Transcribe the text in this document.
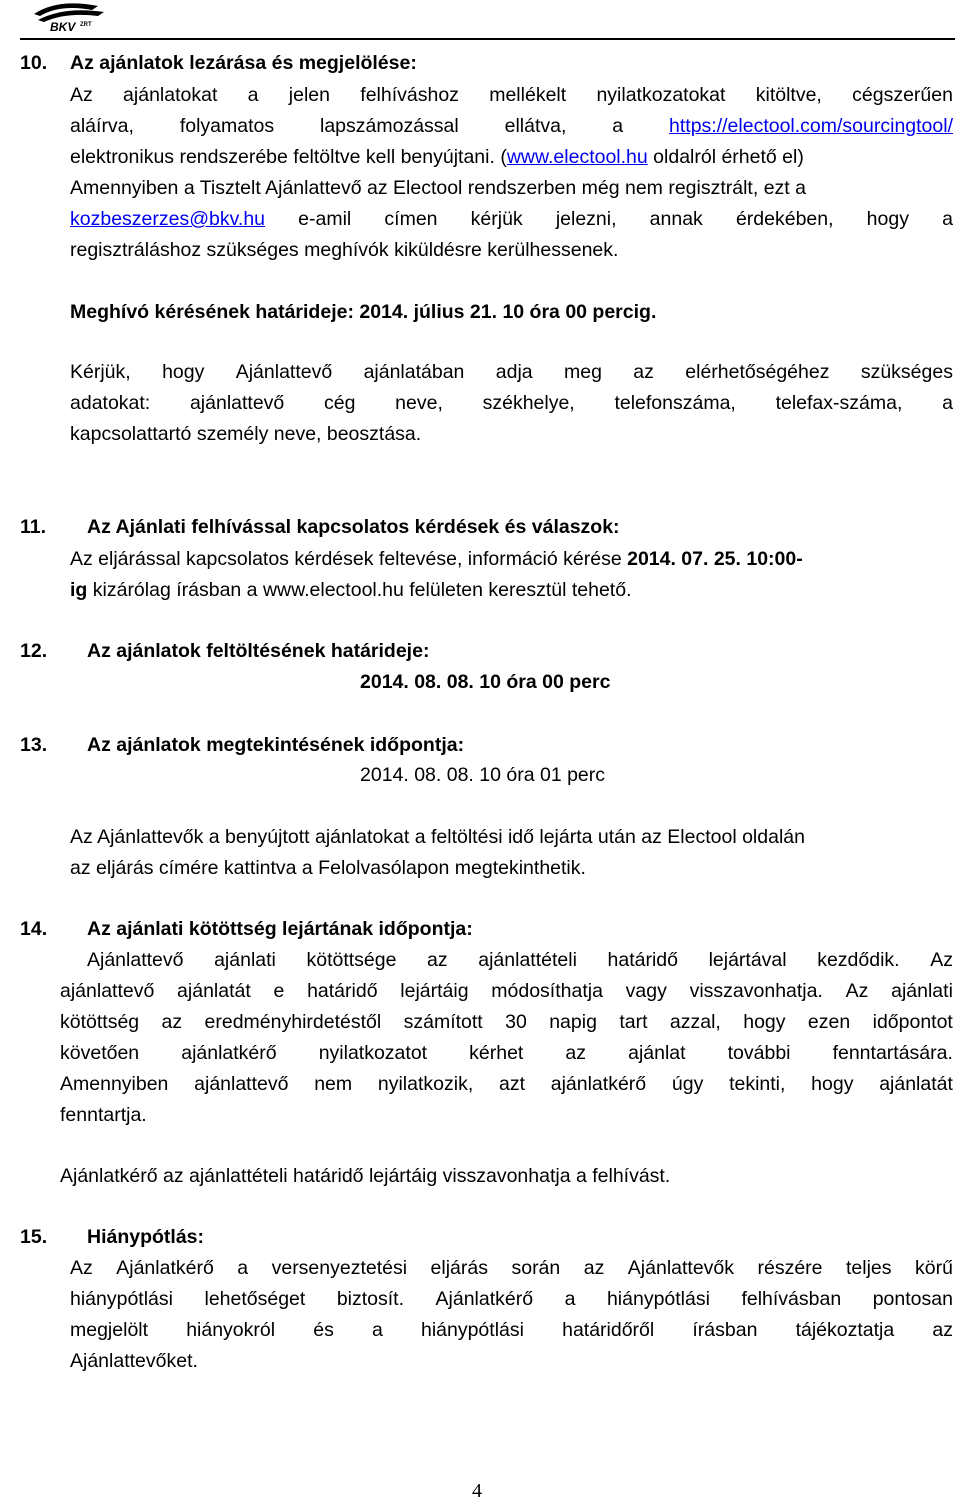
BKV ZRT
10. Az ajánlatok lezárása és megjelölése:
Az ajánlatokat a jelen felhíváshoz mellékelt nyilatkozatokat kitöltve, cégszerűen
aláírva, folyamatos lapszámozással ellátva, a https://electool.com/sourcingtool/
elektronikus rendszerébe feltöltve kell benyújtani. (www.electool.hu oldalról érhető el)
Amennyiben a Tisztelt Ajánlattevő az Electool rendszerben még nem regisztrált, ezt a
kozbeszerzes@bkv.hu e-amil címen kérjük jelezni, annak érdekében, hogy a
regisztráláshoz szükséges meghívók kiküldésre kerülhessenek.
Meghívó kérésének határideje: 2014. július 21. 10 óra 00 percig.
Kérjük, hogy Ajánlattevő ajánlatában adja meg az elérhetőségéhez szükséges
adatokat: ajánlattevő cég neve, székhelye, telefonszáma, telefax-száma, a
kapcsolattartó személy neve, beosztása.
11. Az Ajánlati felhívással kapcsolatos kérdések és válaszok:
Az eljárással kapcsolatos kérdések feltevése, információ kérése 2014. 07. 25. 10:00-
ig kizárólag írásban a www.electool.hu felületen keresztül tehető.
12. Az ajánlatok feltöltésének határideje:
2014. 08. 08. 10 óra 00 perc
13. Az ajánlatok megtekintésének időpontja:
2014. 08. 08. 10 óra 01 perc
Az Ajánlattevők a benyújtott ajánlatokat a feltöltési idő lejárta után az Electool oldalán
az eljárás címére kattintva a Felolvasólapon megtekinthetik.
14. Az ajánlati kötöttség lejártának időpontja:
Ajánlattevő ajánlati kötöttsége az ajánlattételi határidő lejártával kezdődik. Az
ajánlattevő ajánlatát e határidő lejártáig módosíthatja vagy visszavonhatja. Az ajánlati
kötöttség az eredményhirdetéstől számított 30 napig tart azzal, hogy ezen időpontot
követően ajánlatkérő nyilatkozatot kérhet az ajánlat további fenntartására.
Amennyiben ajánlattevő nem nyilatkozik, azt ajánlatkérő úgy tekinti, hogy ajánlatát
fenntartja.
Ajánlatkérő az ajánlattételi határidő lejártáig visszavonhatja a felhívást.
15. Hiánypótlás:
Az Ajánlatkérő a versenyeztetési eljárás során az Ajánlattevők részére teljes körű
hiánypótlási lehetőséget biztosít. Ajánlatkérő a hiánypótlási felhívásban pontosan
megjelölt hiányokról és a hiánypótlási határidőről írásban tájékoztatja az
Ajánlattevőket.
4
